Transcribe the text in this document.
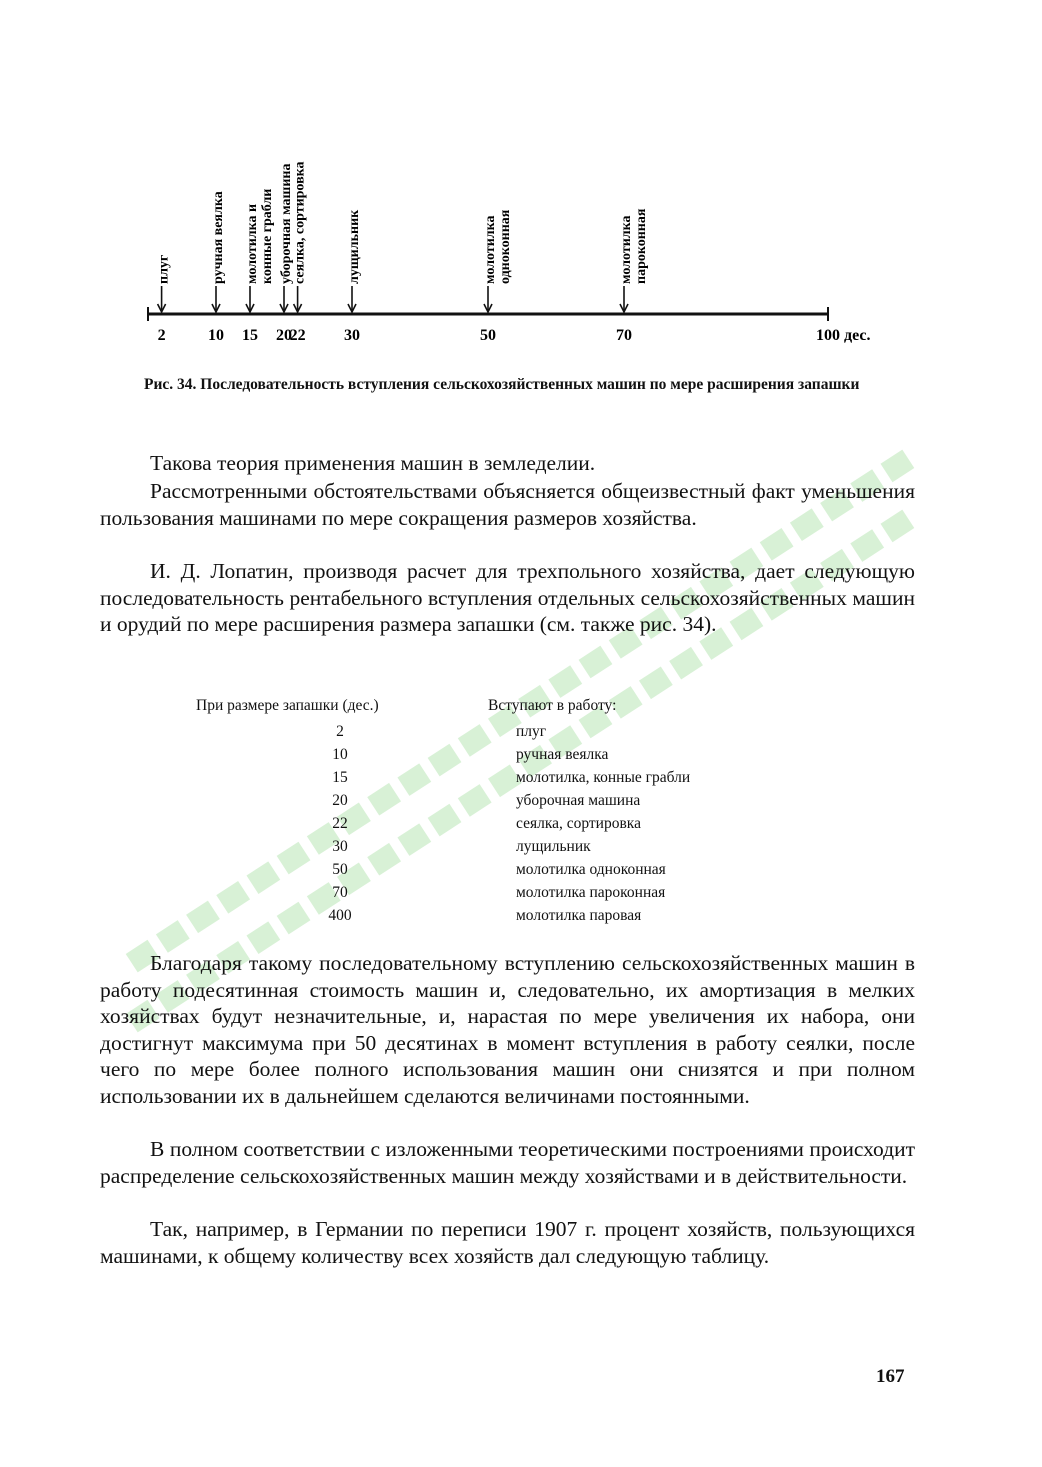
2
плуг
10
ручная веялка
15
молотилка и конные грабли
20
уборочная машина
22
сеялка, сортировка
30
лущильник
50
молотилка одноконная
70
молотилка пароконная
100 дес.
Рис. 34. Последовательность вступления сельскохозяйственных машин по мере расширения запашки

Такова теория применения машин в земледелии.

Рассмотренными обстоятельствами объясняется общеизвестный факт уменьшения пользования машинами по мере сокращения размеров хозяйства.

И. Д. Лопатин, производя расчет для трехпольного хозяйства, дает следующую последовательность рентабельного вступления отдельных сельскохозяйственных машин и орудий по мере расширения размера запашки (см. также рис. 34).

При размере запашки (дес.)	Вступают в работу:
2
10
15
20
22
30
50
70
400
плуг
ручная веялка
молотилка, конные грабли
уборочная машина
сеялка, сортировка
лущильник
молотилка одноконная
молотилка пароконная
молотилка паровая

Благодаря такому последовательному вступлению сельскохозяйственных машин в работу подесятинная стоимость машин и, следовательно, их амортизация в мелких хозяйствах будут незначительные, и, нарастая по мере увеличения их набора, они достигнут максимума при 50 десятинах в момент вступления в работу сеялки, после чего по мере более полного использования машин они снизятся и при полном использовании их в дальнейшем сделаются величинами постоянными.

В полном соответствии с изложенными теоретическими построениями происходит распределение сельскохозяйственных машин между хозяйствами и в действительности.

Так, например, в Германии по переписи 1907 г. процент хозяйств, пользующихся машинами, к общему количеству всех хозяйств дал следующую таблицу.

167
